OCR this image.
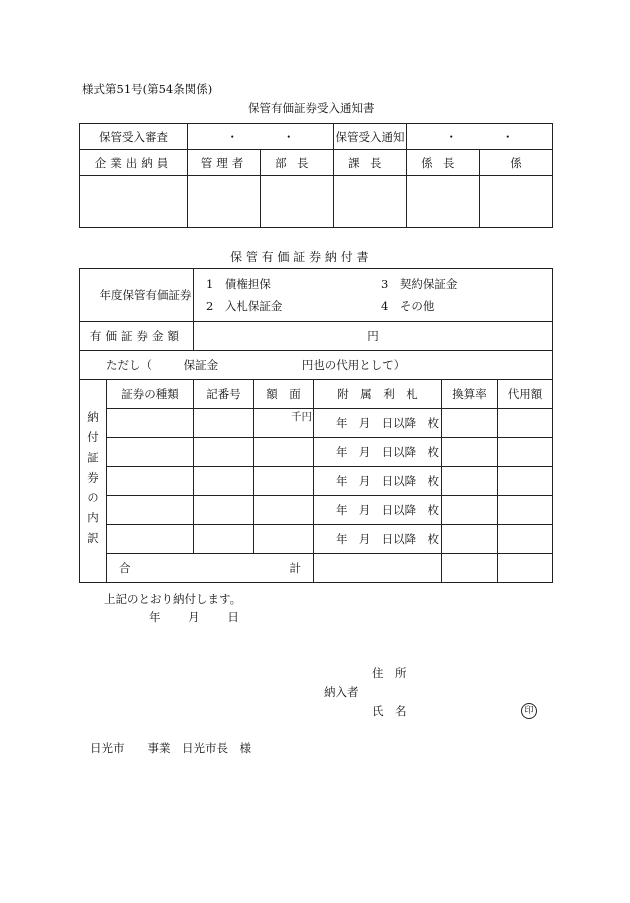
様式第51号(第54条関係)
保管有価証券受入通知書
保管受入審査	・ ・		保管受入通知	・ ・	

企業出納員	管理者	部長	課長	係長	係

保 管 有 価 証 券 納 付 書
年度保管有価証券		1　債権担保 3　契約保証金
2　入札保証金 4　その他				

有価証券金額		円				
ただし（ 保証金 円也の代用として）						

納付証券の内訳	証券の種類	記番号	額　面	附　属　利　札	換算率	代用額
			千円	年 月 日以降 枚		

				年 月 日以降 枚		

				年 月 日以降 枚		

				年 月 日以降 枚		

				年 月 日以降 枚		

	合 計					

上記のとおり納付します。
年 月 日
住　所
納入者
氏　名	印
日光市　　事業　日光市長　様
